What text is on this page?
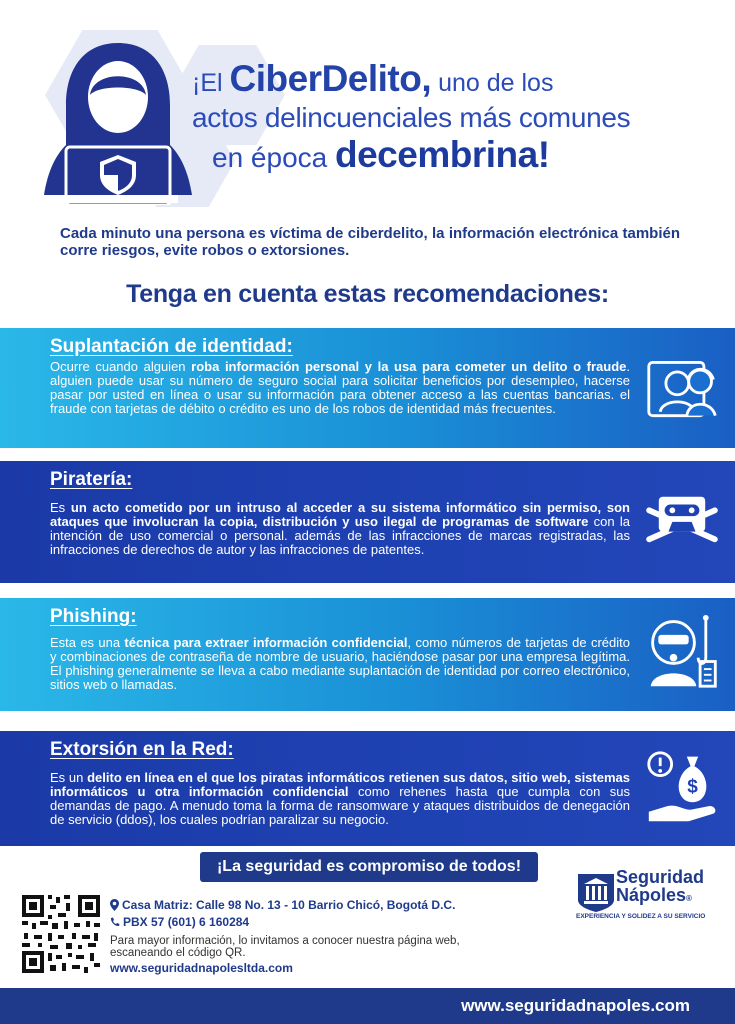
¡El CiberDelito, uno de los
actos delincuenciales más comunes
en época decembrina!
Cada minuto una persona es víctima de ciberdelito, la información electrónica también corre riesgos, evite robos o extorsiones.
Tenga en cuenta estas recomendaciones:
Suplantación de identidad:
Ocurre cuando alguien roba información personal y la usa para cometer un delito o fraude. alguien puede usar su número de seguro social para solicitar beneficios por desempleo, hacerse pasar por usted en línea o usar su información para obtener acceso a las cuentas bancarias. el fraude con tarjetas de débito o crédito es uno de los robos de identidad más frecuentes.
Piratería:
Es un acto cometido por un intruso al acceder a su sistema informático sin permiso, son ataques que involucran la copia, distribución y uso ilegal de programas de software con la intención de uso comercial o personal. además de las infracciones de marcas registradas, las infracciones de derechos de autor y las infracciones de patentes.
Phishing:
Esta es una técnica para extraer información confidencial, como números de tarjetas de crédito y combinaciones de contraseña de nombre de usuario, haciéndose pasar por una empresa legítima. El phishing generalmente se lleva a cabo mediante suplantación de identidad por correo electrónico, sitios web o llamadas.
Extorsión en la Red:
Es un delito en línea en el que los piratas informáticos retienen sus datos, sitio web, sistemas informáticos u otra información confidencial como rehenes hasta que cumpla con sus demandas de pago. A menudo toma la forma de ransomware y ataques distribuidos de denegación de servicio (ddos), los cuales podrían paralizar su negocio.
$
¡La seguridad es compromiso de todos!
Casa Matriz: Calle 98 No. 13 - 10 Barrio Chicó, Bogotá D.C.
PBX 57 (601) 6 160284
Para mayor información, lo invitamos a conocer nuestra página web, escaneando el código QR.
www.seguridadnapolesltda.com
Seguridad
Nápoles®
EXPERIENCIA Y SOLIDEZ A SU SERVICIO
www.seguridadnapoles.com
